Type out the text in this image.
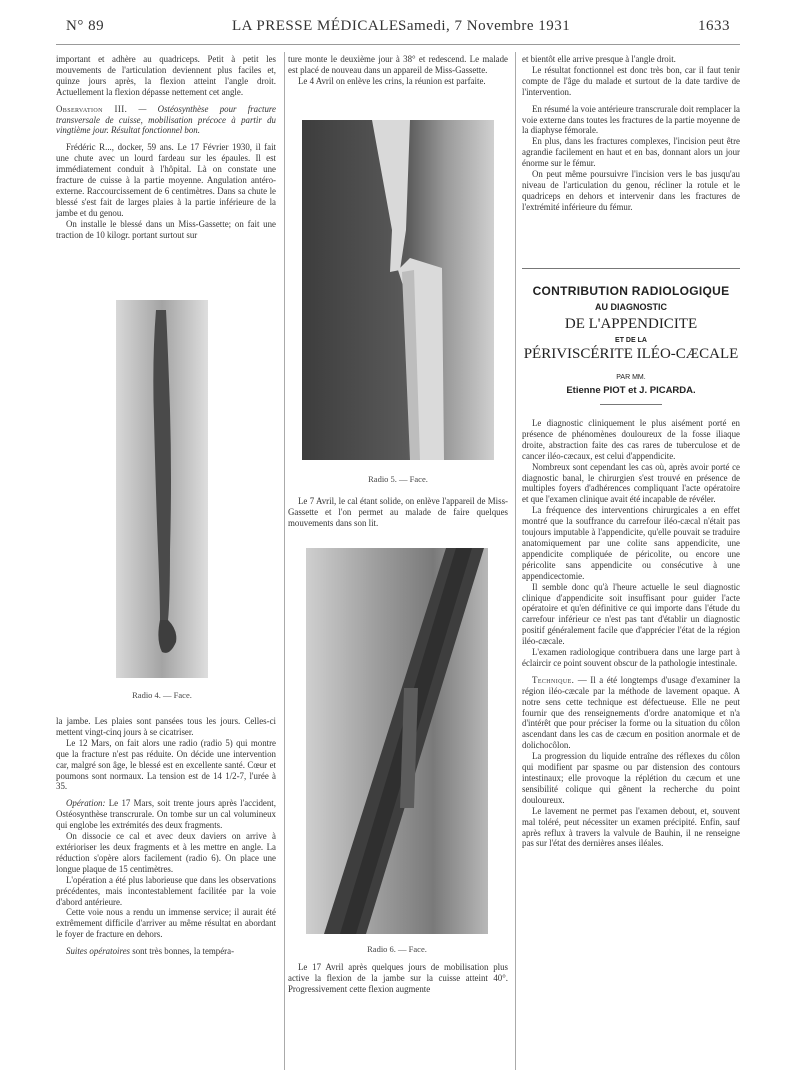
N° 89	LA PRESSE MÉDICALE.
Samedi, 7 Novembre 1931	1633

important et adhère au quadriceps. Petit à petit les mouvements de l'articulation deviennent plus faciles et, quinze jours après, la flexion atteint l'angle droit. Actuellement la flexion dépasse nettement cet angle.

Observation III. — Ostéosynthèse pour fracture transversale de cuisse, mobilisation précoce à partir du vingtième jour. Résultat fonctionnel bon.

Frédéric R..., docker, 59 ans. Le 17 Février 1930, il fait une chute avec un lourd fardeau sur les épaules. Il est immédiatement conduit à l'hôpital. Là on constate une fracture de cuisse à la partie moyenne. Angulation antéro-externe. Raccourcissement de 6 centimètres. Dans sa chute le blessé s'est fait de larges plaies à la partie inférieure de la jambe et du genou.

On installe le blessé dans un Miss-Gassette; on fait une traction de 10 kilogr. portant surtout sur

Radio 4. — Face.

la jambe. Les plaies sont pansées tous les jours. Celles-ci mettent vingt-cinq jours à se cicatriser.

Le 12 Mars, on fait alors une radio (radio 5) qui montre que la fracture n'est pas réduite. On décide une intervention car, malgré son âge, le blessé est en excellente santé. Cœur et poumons sont normaux. La tension est de 14 1/2-7, l'urée à 35.

Opération: Le 17 Mars, soit trente jours après l'accident, Ostéosynthèse transcrurale. On tombe sur un cal volumineux qui englobe les extrémités des deux fragments.

On dissocie ce cal et avec deux daviers on arrive à extérioriser les deux fragments et à les mettre en angle. La réduction s'opère alors facilement (radio 6). On place une longue plaque de 15 centimètres.

L'opération a été plus laborieuse que dans les observations précédentes, mais incontestablement facilitée par la voie d'abord antérieure.

Cette voie nous a rendu un immense service; il aurait été extrêmement difficile d'arriver au même résultat en abordant le foyer de fracture en dehors.

Suites opératoires sont très bonnes, la tempéra-

ture monte le deuxième jour à 38° et redescend. Le malade est placé de nouveau dans un appareil de Miss-Gassette.

Le 4 Avril on enlève les crins, la réunion est parfaite.

Radio 5. — Face.

Le 7 Avril, le cal étant solide, on enlève l'appareil de Miss-Gassette et l'on permet au malade de faire quelques mouvements dans son lit.

Radio 6. — Face.

Le 17 Avril après quelques jours de mobilisation plus active la flexion de la jambe sur la cuisse atteint 40°. Progressivement cette flexion augmente

et bientôt elle arrive presque à l'angle droit.

Le résultat fonctionnel est donc très bon, car il faut tenir compte de l'âge du malade et surtout de la date tardive de l'intervention.

En résumé la voie antérieure transcrurale doit remplacer la voie externe dans toutes les fractures de la partie moyenne de la diaphyse fémorale.

En plus, dans les fractures complexes, l'incision peut être agrandie facilement en haut et en bas, donnant alors un jour énorme sur le fémur.

On peut même poursuivre l'incision vers le bas jusqu'au niveau de l'articulation du genou, récliner la rotule et le quadriceps en dehors et intervenir dans les fractures de l'extrémité inférieure du fémur.

CONTRIBUTION RADIOLOGIQUE
AU DIAGNOSTIC
DE L'APPENDICITE
ET DE LA
PÉRIVISCÉRITE ILÉO-CÆCALE
PAR MM.
Etienne PIOT et J. PICARDA.

Le diagnostic cliniquement le plus aisément porté en présence de phénomènes douloureux de la fosse iliaque droite, abstraction faite des cas rares de tuberculose et de cancer iléo-cæcaux, est celui d'appendicite.

Nombreux sont cependant les cas où, après avoir porté ce diagnostic banal, le chirurgien s'est trouvé en présence de multiples foyers d'adhérences compliquant l'acte opératoire et que l'examen clinique avait été incapable de révéler.

La fréquence des interventions chirurgicales a en effet montré que la souffrance du carrefour iléo-cæcal n'était pas toujours imputable à l'appendicite, qu'elle pouvait se traduire anatomiquement par une colite sans appendicite, une appendicite compliquée de péricolite, ou encore une péricolite sans appendicite ou consécutive à une appendicectomie.

Il semble donc qu'à l'heure actuelle le seul diagnostic clinique d'appendicite soit insuffisant pour guider l'acte opératoire et qu'en définitive ce qui importe dans l'étude du carrefour inférieur ce n'est pas tant d'établir un diagnostic positif généralement facile que d'apprécier l'état de la région iléo-cæcale.

L'examen radiologique contribuera dans une large part à éclaircir ce point souvent obscur de la pathologie intestinale.

Technique. — Il a été longtemps d'usage d'examiner la région iléo-cæcale par la méthode de lavement opaque. A notre sens cette technique est défectueuse. Elle ne peut fournir que des renseignements d'ordre anatomique et n'a d'intérêt que pour préciser la forme ou la situation du côlon ascendant dans les cas de cæcum en position anormale et de dolichocôlon.

La progression du liquide entraîne des réflexes du côlon qui modifient par spasme ou par distension des contours intestinaux; elle provoque la réplétion du cæcum et une sensibilité colique qui gênent la recherche du point douloureux.

Le lavement ne permet pas l'examen debout, et, souvent mal toléré, peut nécessiter un examen précipité. Enfin, sauf après reflux à travers la valvule de Bauhin, il ne renseigne pas sur l'état des dernières anses iléales.
